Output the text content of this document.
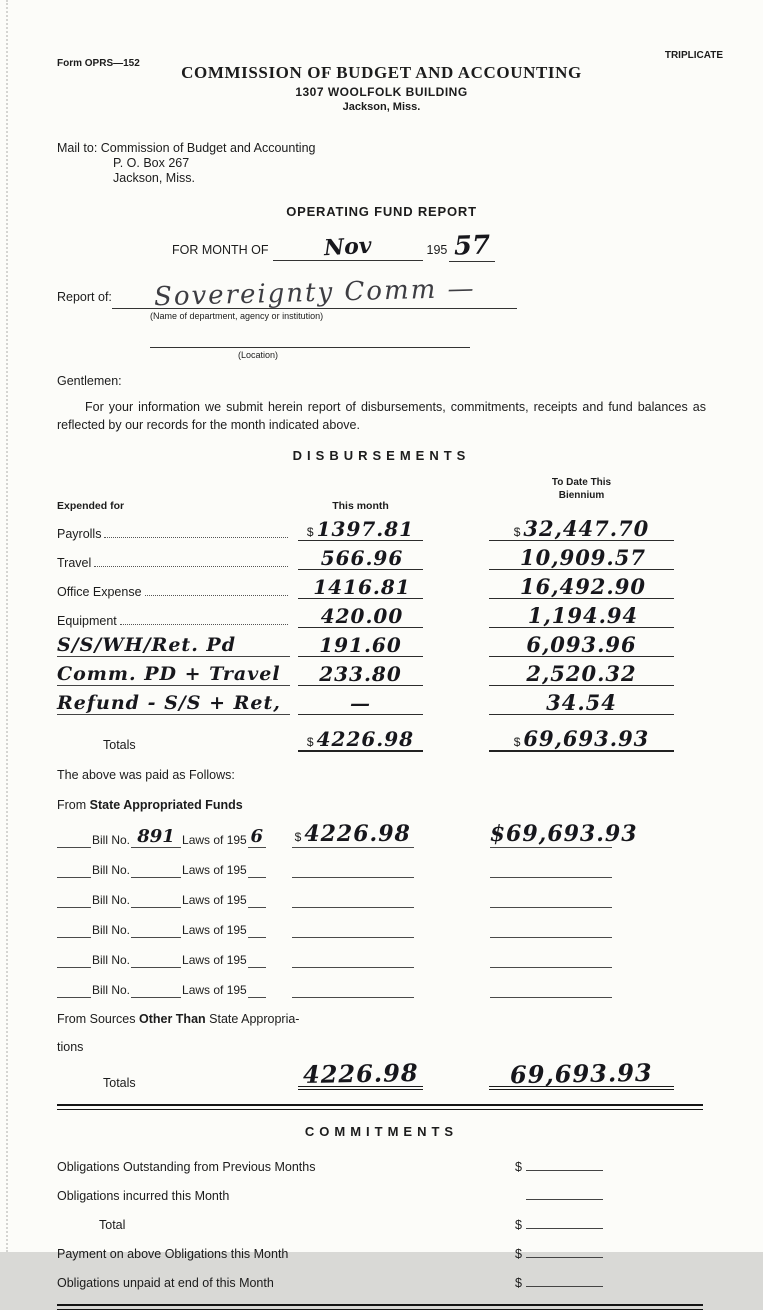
Form OPRS—152
TRIPLICATE
COMMISSION OF BUDGET AND ACCOUNTING
1307 WOOLFOLK BUILDING
Jackson, Miss.
Mail to: Commission of Budget and Accounting
P. O. Box 267
Jackson, Miss.
OPERATING FUND REPORT
FOR MONTH OF	Nov	195 57
Report of:	Sovereignty Comm —
(Name of department, agency or institution)
(Location)
Gentlemen:
For your information we submit herein report of disbursements, commitments, receipts and fund balances as reflected by our records for the month indicated above.
DISBURSEMENTS
Expended for	This month
To Date This
Biennium
Payrolls	$ 1397.81	$ 32,447.70
Travel	566.96	10,909.57
Office Expense	1416.81	16,492.90
Equipment	420.00	1,194.94
S/S/WH/Ret. Pd	191.60	6,093.96
Comm. PD + Travel	233.80	2,520.32
Refund - S/S + Ret,	—	34.54
Totals	$ 4226.98	$ 69,693.93
The above was paid as Follows:
From State Appropriated Funds
Bill No. 891 Laws of 195 6	$ 4226.98	$69,693.93
Bill No.	Laws of 195
Bill No.	Laws of 195
Bill No.	Laws of 195
Bill No.	Laws of 195
Bill No.	Laws of 195
From Sources Other Than State Appropria-
tions
Totals	4226.98	69,693.93
COMMITMENTS
Obligations Outstanding from Previous Months	$
Obligations incurred this Month
Total	$
Payment on above Obligations this Month	$
Obligations unpaid at end of this Month	$
